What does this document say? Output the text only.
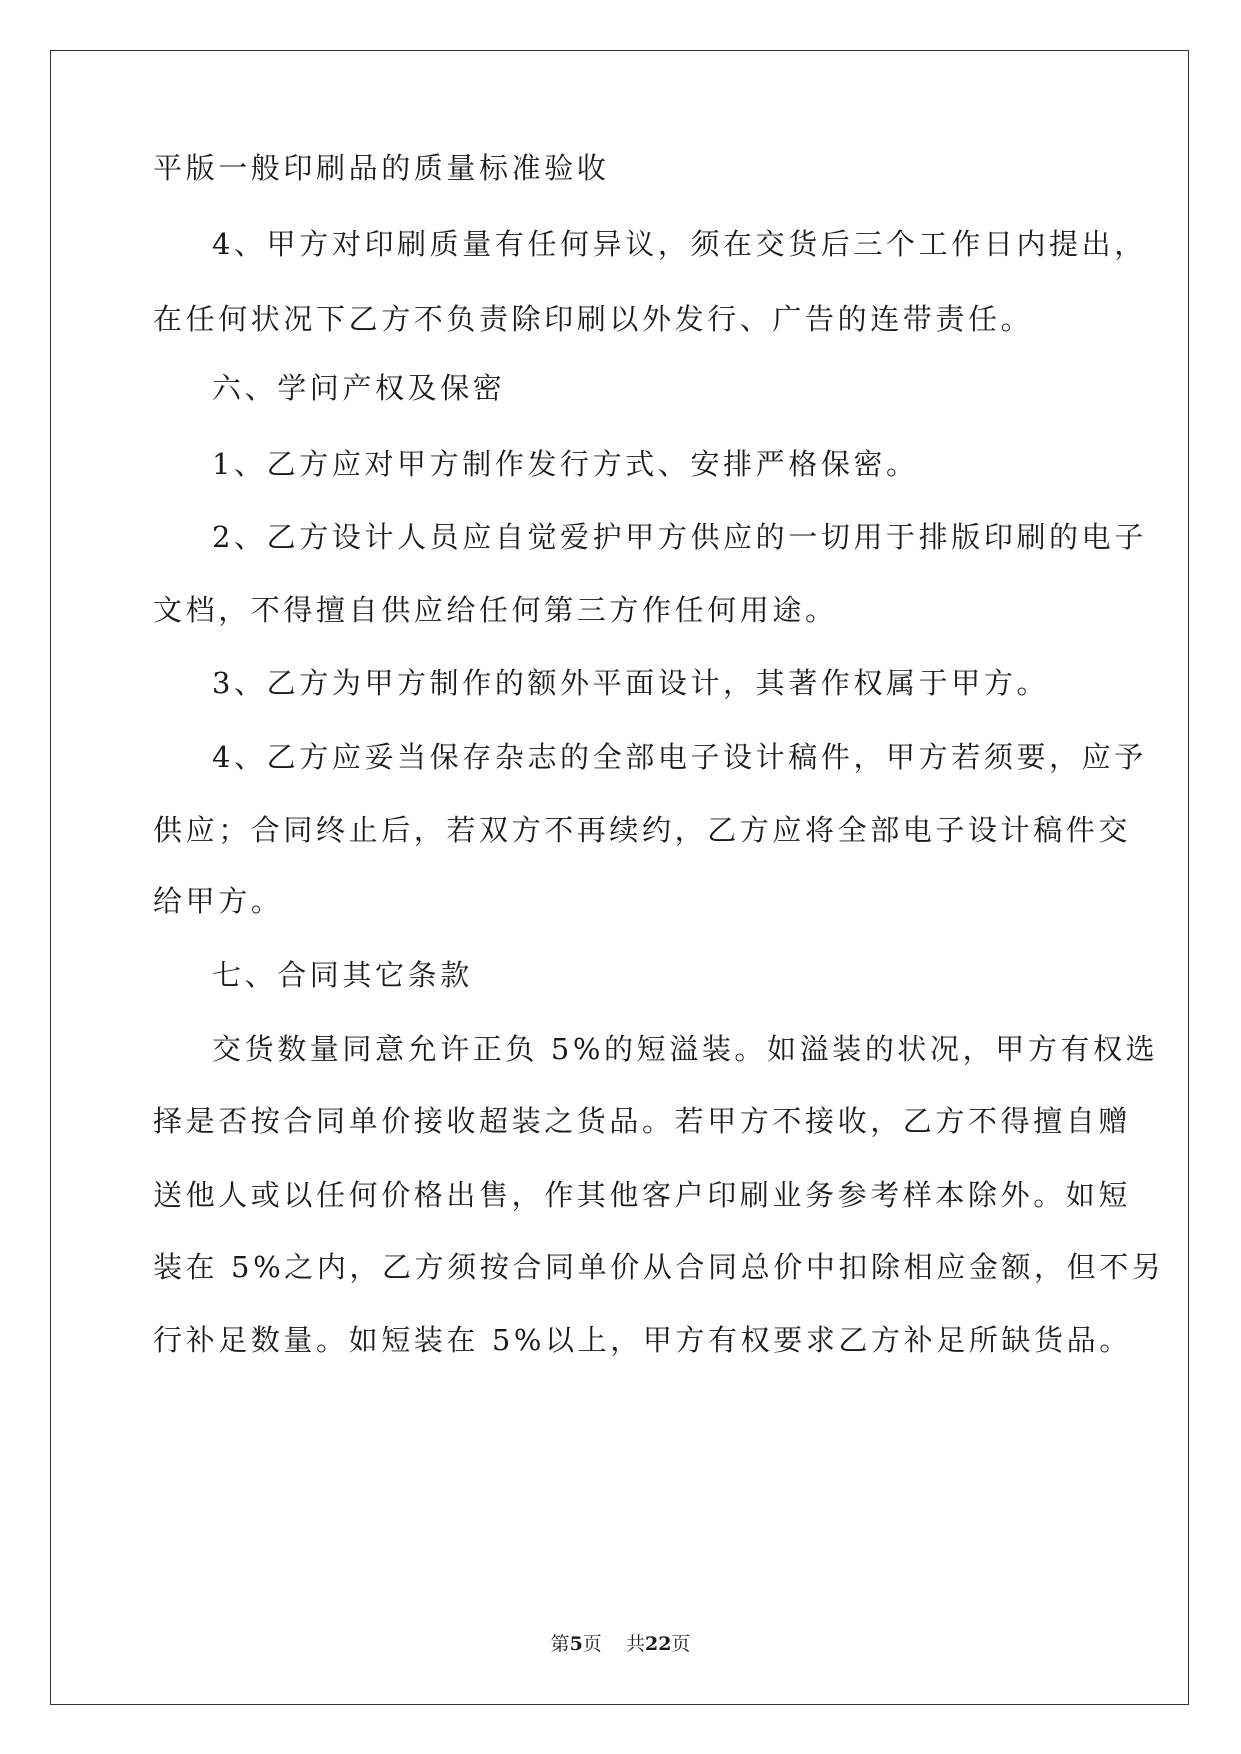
平版一般印刷品的质量标准验收
4、甲方对印刷质量有任何异议，须在交货后三个工作日内提出，
在任何状况下乙方不负责除印刷以外发行、广告的连带责任。
六、学问产权及保密
1、乙方应对甲方制作发行方式、安排严格保密。
2、乙方设计人员应自觉爱护甲方供应的一切用于排版印刷的电子
文档，不得擅自供应给任何第三方作任何用途。
3、乙方为甲方制作的额外平面设计，其著作权属于甲方。
4、乙方应妥当保存杂志的全部电子设计稿件，甲方若须要，应予
供应；合同终止后，若双方不再续约，乙方应将全部电子设计稿件交
给甲方。
七、合同其它条款
交货数量同意允许正负 5%的短溢装。如溢装的状况，甲方有权选
择是否按合同单价接收超装之货品。若甲方不接收，乙方不得擅自赠
送他人或以任何价格出售，作其他客户印刷业务参考样本除外。如短
装在 5%之内，乙方须按合同单价从合同总价中扣除相应金额，但不另
行补足数量。如短装在 5%以上，甲方有权要求乙方补足所缺货品。
第5页    共22页
